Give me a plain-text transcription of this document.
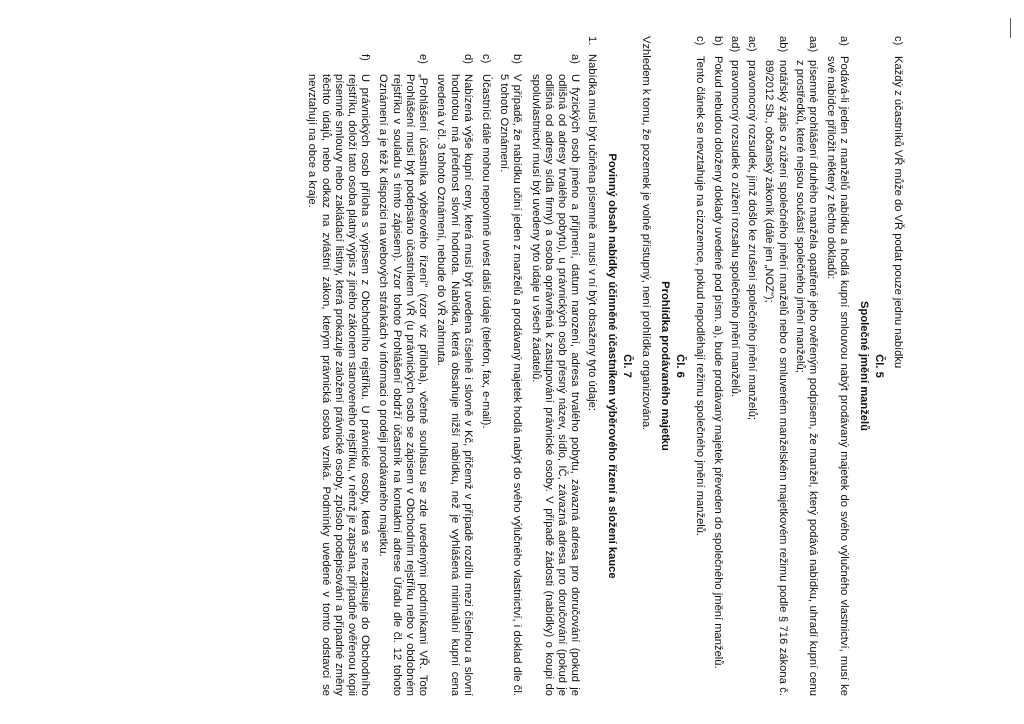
c)
Každý z účastníků VŘ může do VŘ podat pouze jednu nabídku
Čl. 5
Společné jmění manželů
a)
Podává-li jeden z manželů nabídku a hodlá kupní smlouvou nabýt prodávaný majetek do svého výlučného vlastnictví, musí ke své nabídce přiložit některý z těchto dokladů:
aa)
písemné prohlášení druhého manžela opatřené jeho ověřeným podpisem, že manžel, který podává nabídku, uhradí kupní cenu z prostředků, které nejsou součástí společného jmění manželů;
ab)
notářský zápis o zúžení společného jmění manželů nebo o smluveném manželském majetkovém režimu podle § 716 zákona č. 89/2012 Sb., občanský zákoník (dále jen „NOZ");
ac)
pravomocný rozsudek, jímž došlo ke zrušení společného jmění manželů;
ad)
pravomocný rozsudek o zúžení rozsahu společného jmění manželů.
b)
Pokud nebudou doloženy doklady uvedené pod písm. a), bude prodávaný majetek převeden do společného jmění manželů.
c)
Tento článek se nevztahuje na cizozemce, pokud nepodléhají režimu společného jmění manželů.
Čl. 6
Prohlídka prodávaného majetku

Vzhledem k tomu, že pozemek je volně přístupný, není prohlídka organizována.

Čl. 7
Povinný obsah nabídky účinněné účastníkem výběrového řízení a složení kauce
1.
Nabídka musí být učiněna písemně a musí v ní být obsaženy tyto údaje:
a)
U fyzických osob jméno a příjmení, datum narození, adresa trvalého pobytu, závazná adresa pro doručování (pokud je odlišná od adresy trvalého pobytu), u právnických osob přesný název, sídlo, IČ, závazná adresa pro doručování (pokud je odlišná od adresy sídla firmy) a osoba oprávněná k zastupování právnické osoby. V případě žádosti (nabídky) o koupi do spoluvlastnictví musí být uvedeny tyto údaje u všech žadatelů.
b)
V případě, že nabídku učiní jeden z manželů a prodávaný majetek hodlá nabýt do svého výlučného vlastnictví, i doklad dle čl. 5 tohoto Oznámení.
c)
Účastníci dále mohou nepovinně uvést další údaje (telefon, fax, e-mail).
d)
Nabízená výše kupní ceny, která musí být uvedena číselně i slovně v Kč, přičemž v případě rozdílu mezi číselnou a slovní hodnotou má přednost slovní hodnota. Nabídka, která obsahuje nižší nabídku, než je vyhlášená minimální kupní cena uvedená v čl. 3 tohoto Oznámení, nebude do VŘ zahrnuta.
e)
„Prohlášení účastníka výběrového řízení" (vzor viz příloha), včetně souhlasu se zde uvedenými podmínkami VŘ. Toto Prohlášení musí být podepsáno účastníkem VŘ (u právnických osob se zápisem v Obchodním rejstříku nebo v obdobném rejstříku v souladu s tímto zápisem). Vzor tohoto Prohlášení obdrží účastník na kontaktní adrese Úřadu dle čl. 12 tohoto Oznámení a je též k dispozici na webových stránkách v informaci o prodeji prodávaného majetku.
f)
U právnických osob příloha s výpisem z Obchodního rejstříku. U právnické osoby, která se nezapisuje do Obchodního rejstříku, doloží tato osoba platný výpis z jiného zákonem stanoveného rejstříku, v němž je zapsána, případně ověřenou kopii písemné smlouvy nebo zakládací listiny, která prokazuje založení právnické osoby, způsob podepisování a případné změny těchto údajů, nebo odkaz na zvláštní zákon, kterým právnická osoba vzniká. Podmínky uvedené v tomto odstavci se nevztahují na obce a kraje.
